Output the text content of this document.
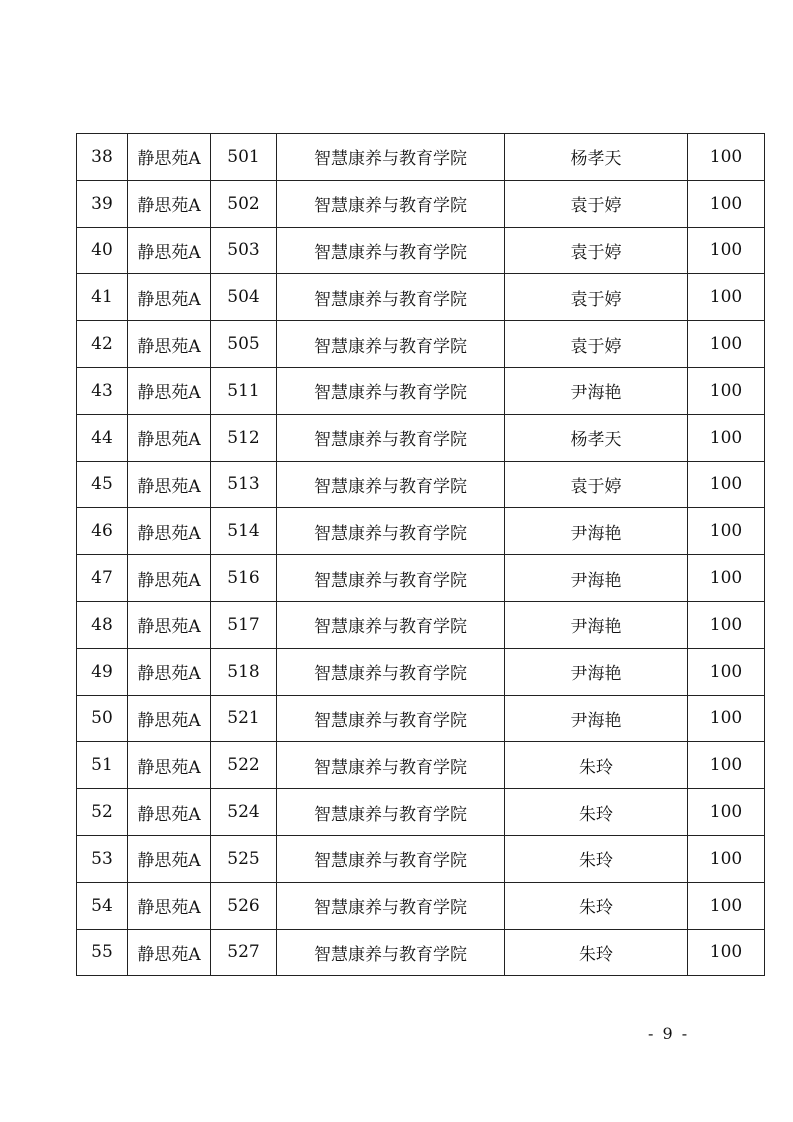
38	静思苑A	501	智慧康养与教育学院	杨孝天	100
39	静思苑A	502	智慧康养与教育学院	袁于婷	100
40	静思苑A	503	智慧康养与教育学院	袁于婷	100
41	静思苑A	504	智慧康养与教育学院	袁于婷	100
42	静思苑A	505	智慧康养与教育学院	袁于婷	100
43	静思苑A	511	智慧康养与教育学院	尹海艳	100
44	静思苑A	512	智慧康养与教育学院	杨孝天	100
45	静思苑A	513	智慧康养与教育学院	袁于婷	100
46	静思苑A	514	智慧康养与教育学院	尹海艳	100
47	静思苑A	516	智慧康养与教育学院	尹海艳	100
48	静思苑A	517	智慧康养与教育学院	尹海艳	100
49	静思苑A	518	智慧康养与教育学院	尹海艳	100
50	静思苑A	521	智慧康养与教育学院	尹海艳	100
51	静思苑A	522	智慧康养与教育学院	朱玲	100
52	静思苑A	524	智慧康养与教育学院	朱玲	100
53	静思苑A	525	智慧康养与教育学院	朱玲	100
54	静思苑A	526	智慧康养与教育学院	朱玲	100
55	静思苑A	527	智慧康养与教育学院	朱玲	100
- 9 -
